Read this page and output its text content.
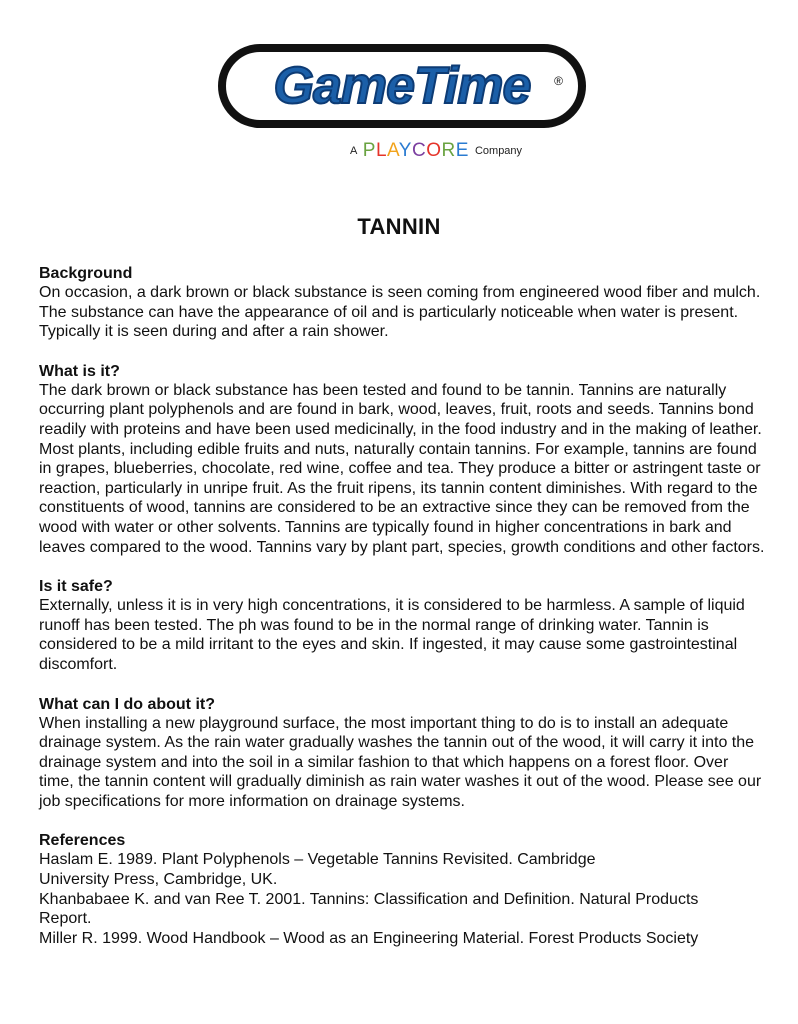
GameTime ®
A PLAYCORE Company
TANNIN
Background

On occasion, a dark brown or black substance is seen coming from engineered wood fiber and mulch. The substance can have the appearance of oil and is particularly noticeable when water is present. Typically it is seen during and after a rain shower.

What is it?

The dark brown or black substance has been tested and found to be tannin. Tannins are naturally occurring plant polyphenols and are found in bark, wood, leaves, fruit, roots and seeds. Tannins bond readily with proteins and have been used medicinally, in the food industry and in the making of leather. Most plants, including edible fruits and nuts, naturally contain tannins. For example, tannins are found in grapes, blueberries, chocolate, red wine, coffee and tea. They produce a bitter or astringent taste or reaction, particularly in unripe fruit. As the fruit ripens, its tannin content diminishes. With regard to the constituents of wood, tannins are considered to be an extractive since they can be removed from the wood with water or other solvents. Tannins are typically found in higher concentrations in bark and leaves compared to the wood. Tannins vary by plant part, species, growth conditions and other factors.

Is it safe?

Externally, unless it is in very high concentrations, it is considered to be harmless. A sample of liquid runoff has been tested. The ph was found to be in the normal range of drinking water. Tannin is considered to be a mild irritant to the eyes and skin. If ingested, it may cause some gastrointestinal discomfort.

What can I do about it?

When installing a new playground surface, the most important thing to do is to install an adequate drainage system. As the rain water gradually washes the tannin out of the wood, it will carry it into the drainage system and into the soil in a similar fashion to that which happens on a forest floor. Over time, the tannin content will gradually diminish as rain water washes it out of the wood. Please see our job specifications for more information on drainage systems.

References

Haslam E. 1989. Plant Polyphenols – Vegetable Tannins Revisited. Cambridge

University Press, Cambridge, UK.

Khanbabaee K. and van Ree T. 2001. Tannins: Classification and Definition. Natural Products

Report.

Miller R. 1999. Wood Handbook – Wood as an Engineering Material. Forest Products Society
